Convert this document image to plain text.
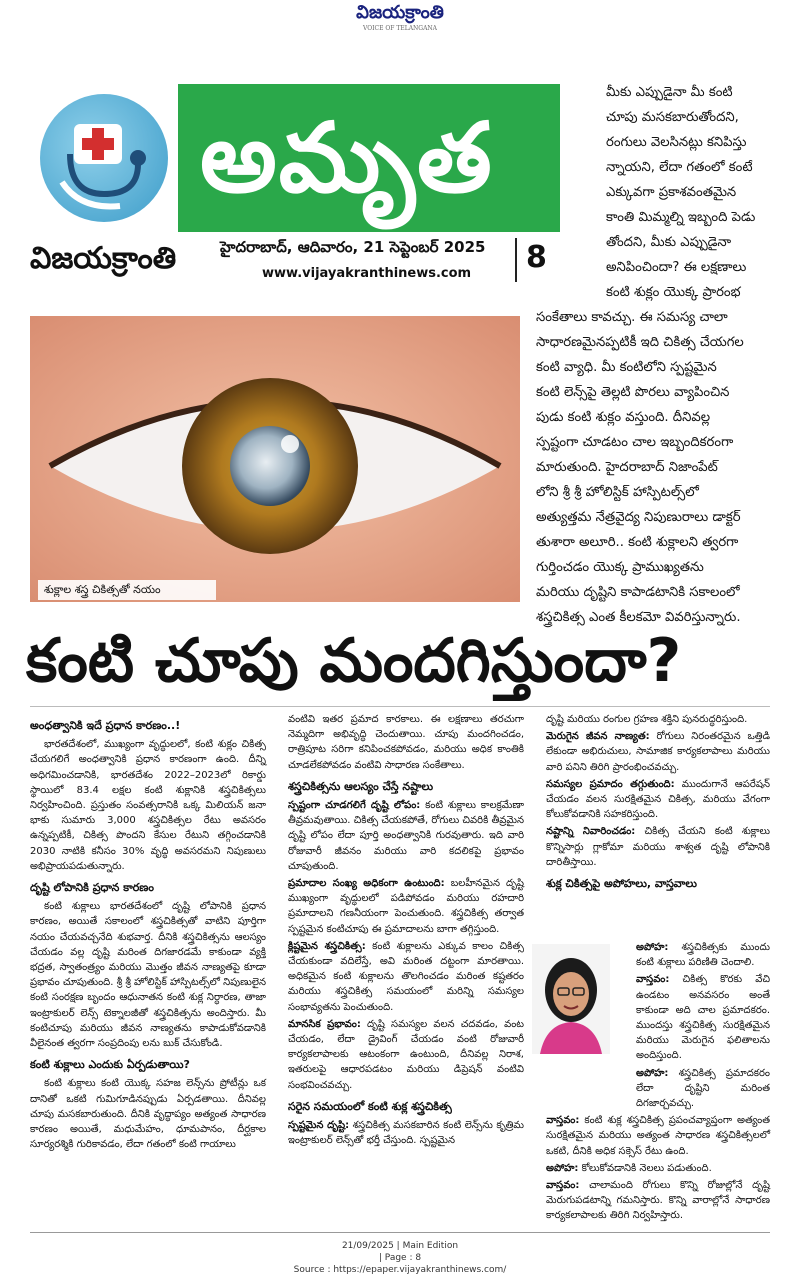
విజయక్రాంతి
VOICE OF TELANGANA
అమృత
విజయక్రాంతి	హైదరాబాద్, ఆదివారం, 21 సెప్టెంబర్ 2025
www.vijayakranthinews.com	8
శుక్లాల శస్త్ర చికిత్సతో నయం

మీకు ఎప్పుడైనా మీ కంటి

చూపు మసకబారుతోందని,

రంగులు వెలసినట్లు కనిపిస్తు

న్నాయని, లేదా గతంలో కంటే

ఎక్కువగా ప్రకాశవంతమైన

కాంతి మిమ్మల్ని ఇబ్బంది పెడు

తోందని, మీకు ఎప్పుడైనా

అనిపించిందా? ఈ లక్షణాలు

కంటి శుక్లం యొక్క ప్రారంభ

సంకేతాలు కావచ్చు. ఈ సమస్య చాలా

సాధారణమైనప్పటికీ ఇది చికిత్స చేయగల

కంటి వ్యాధి. మీ కంటిలోని స్పష్టమైన

కంటి లెన్స్‌పై తెల్లటి పొరలు వ్యాపించిన

పుడు కంటి శుక్లం వస్తుంది. దీనివల్ల

స్పష్టంగా చూడటం చాల ఇబ్బందికరంగా

మారుతుంది. హైదరాబాద్ నిజాంపేట్

లోని శ్రీ శ్రీ హోలిస్టిక్ హాస్పిటల్స్‌లో

అత్యుత్తమ నేత్రవైద్య నిపుణురాలు డాక్టర్

తుశారా అలూరి.. కంటి శుక్లాలని త్వరగా

గుర్తించడం యొక్క ప్రాముఖ్యతను

మరియు దృష్టిని కాపాడటానికి సకాలంలో

శస్త్రచికిత్స ఎంత కీలకమో వివరిస్తున్నారు.

కంటి చూపు మందగిస్తుందా?
అంధత్వానికి ఇదే ప్రధాన కారణం..!

భారతదేశంలో, ముఖ్యంగా వృద్ధులలో, కంటి శుక్లం చికిత్స చేయగలిగే అంధత్వానికి ప్రధాన కారణంగా ఉంది. దీన్ని అధిగమించడానికి, భారతదేశం 2022–2023లో రికార్డు స్థాయిలో 83.4 లక్షల కంటి శుక్లానికి శస్త్రచికిత్సలు నిర్వహించింది. ప్రస్తుతం సంవత్సరానికి ఒక్క మిలియన్ జనా భాకు సుమారు 3,000 శస్త్రచికిత్సల రేటు అవసరం ఉన్నప్పటికీ, చికిత్స పొందని కేసుల రేటుని తగ్గించడానికి 2030 నాటికి కనీసం 30% వృద్ధి అవసరమని నిపుణులు అభిప్రాయపడుతున్నారు.

దృష్టి లోపానికి ప్రధాన కారణం

కంటి శుక్లాలు భారతదేశంలో దృష్టి లోపానికి ప్రధాన కారణం, అయితే సకాలంలో శస్త్రచికిత్సతో వాటిని పూర్తిగా నయం చేయవచ్చనేది శుభవార్త. దీనికి శస్త్రచికిత్సను ఆలస్యం చేయడం వల్ల దృష్టి మరింత దిగజారడమే కాకుండా వ్యక్తి భద్రత, స్వాతంత్ర్యం మరియు మొత్తం జీవన నాణ్యతపై కూడా ప్రభావం చూపుతుంది. శ్రీ శ్రీ హోలిస్టిక్ హాస్పిటల్స్‌లో నిపుణులైన కంటి సంరక్షణ బృందం ఆధునాతన కంటి శుక్ల నిర్ధారణ, తాజా ఇంట్రాకులర్ లెన్స్ టెక్నాలజీతో శస్త్రచికిత్సను అందిస్తారు. మీ కంటిచూపు మరియు జీవన నాణ్యతను కాపాడుకోవడానికి వీలైనంత త్వరగా సంప్రదింపు లను బుక్ చేసుకోండి.

కంటి శుక్లాలు ఎందుకు ఏర్పడుతాయి?

కంటి శుక్లాలు కంటి యొక్క సహజ లెన్స్‌ను ప్రోటీన్లు ఒక దానితో ఒకటి గుమిగూడినప్పుడు ఏర్పడతాయి. దీనివల్ల చూపు మసకబారుతుంది. దీనికి వృద్ధాప్యం అత్యంత సాధారణ కారణం అయితే, మధుమేహం, ధూమపానం, దీర్ఘకాల సూర్యరశ్మికి గురికావడం, లేదా గతంలో కంటి గాయాలు

వంటివి ఇతర ప్రమాద కారకాలు. ఈ లక్షణాలు తరచుగా నెమ్మదిగా అభివృద్ధి చెందుతాయి. చూపు మందగించడం, రాత్రిపూట సరిగా కనిపించకపోవడం, మరియు అధిక కాంతికి చూడలేకపోవడం వంటివి సాధారణ సంకేతాలు.

శస్త్రచికిత్సను ఆలస్యం చేస్తే నష్టాలు

స్పష్టంగా చూడగలిగే దృష్టి లోపం: కంటి శుక్లాలు కాలక్రమేణా తీవ్రమవుతాయి. చికిత్స చేయకపోతే, రోగులు చివరికి తీవ్రమైన దృష్టి లోపం లేదా పూర్తి అంధత్వానికి గురవుతారు. ఇది వారి రోజువారీ జీవనం మరియు వారి కదలికపై ప్రభావం చూపుతుంది.

ప్రమాదాల సంఖ్య అధికంగా ఉంటుంది: బలహీనమైన దృష్టి ముఖ్యంగా వృద్ధులలో పడిపోవడం మరియు రహదారి ప్రమాదాలని గణనీయంగా పెంచుతుంది. శస్త్రచికిత్స తర్వాత స్పష్టమైన కంటిచూపు ఈ ప్రమాదాలను బాగా తగ్గిస్తుంది.

క్లిష్టమైన శస్త్రచికిత్స: కంటి శుక్లాలను ఎక్కువ కాలం చికిత్స చేయకుండా వదిలేస్తే, అవి మరింత దట్టంగా మారతాయి. అధికమైన కంటి శుక్లాలను తొలగించడం మరింత కష్టతరం మరియు శస్త్రచికిత్స సమయంలో మరిన్ని సమస్యల సంభావ్యతను పెంచుతుంది.

మానసిక ప్రభావం: దృష్టి సమస్యల వలన చదవడం, వంట చేయడం, లేదా డ్రైవింగ్ చేయడం వంటి రోజువారీ కార్యకలాపాలకు ఆటంకంగా ఉంటుంది, దీనివల్ల నిరాశ, ఇతరులపై ఆధారపడటం మరియు డిప్రెషన్ వంటివి సంభవించవచ్చు.

సరైన సమయంలో కంటి శుక్ల శస్త్రచికిత్స

స్పష్టమైన దృష్టి: శస్త్రచికిత్స మసకబారిన కంటి లెన్స్‌ను కృత్రిమ ఇంట్రాకులర్ లెన్స్‌తో భర్తీ చేస్తుంది. స్పష్టమైన

దృష్టి మరియు రంగుల గ్రహణ శక్తిని పునరుద్ధరిస్తుంది.

మెరుగైన జీవన నాణ్యత: రోగులు నిరంతరమైన ఒత్తిడి లేకుండా అభిరుచులు, సామాజిక కార్యకలాపాలు మరియు వారి పనిని తిరిగి ప్రారంభించవచ్చు.

సమస్యల ప్రమాదం తగ్గుతుంది: ముందుగానే ఆపరేషన్ చేయడం వలన సురక్షితమైన చికిత్స, మరియు వేగంగా కోలుకోవడానికి సహకరిస్తుంది.

నష్టాన్ని నివారించడం: చికిత్స చేయని కంటి శుక్లాలు కొన్నిసార్లు గ్లాకోమా మరియు శాశ్వత దృష్టి లోపానికి దారితీస్తాయి.

శుక్ల చికిత్సపై అపోహలు, వాస్తవాలు

అపోహ: శస్త్రచికిత్సకు ముందు కంటి శుక్లాలు పరిణితి చెందాలి.

వాస్తవం: చికిత్స కొరకు వేచి ఉండటం అనవసరం అంతే కాకుండా అది చాల ప్రమాదకరం. ముందస్తు శస్త్రచికిత్స సురక్షితమైన మరియు మెరుగైన ఫలితాలను అందిస్తుంది.

అపోహ: శస్త్రచికిత్స ప్రమాదకరం లేదా దృష్టిని మరింత దిగజార్చవచ్చు.

వాస్తవం: కంటి శుక్ల శస్త్రచికిత్స ప్రపంచవ్యాప్తంగా అత్యంత సురక్షితమైన మరియు అత్యంత సాధారణ శస్త్రచికిత్సలలో ఒకటి, దీనికి అధిక సక్సెస్ రేటు ఉంది.

అపోహ: కోలుకోవడానికి నెలలు పడుతుంది.

వాస్తవం: చాలామంది రోగులు కొన్ని రోజుల్లోనే దృష్టి మెరుగుపడటాన్ని గమనిస్తారు. కొన్ని వారాల్లోనే సాధారణ కార్యకలాపాలకు తిరిగి నిర్వహిస్తారు.

21/09/2025 | Main Edition
| Page : 8
Source : https://epaper.vijayakranthinews.com/
